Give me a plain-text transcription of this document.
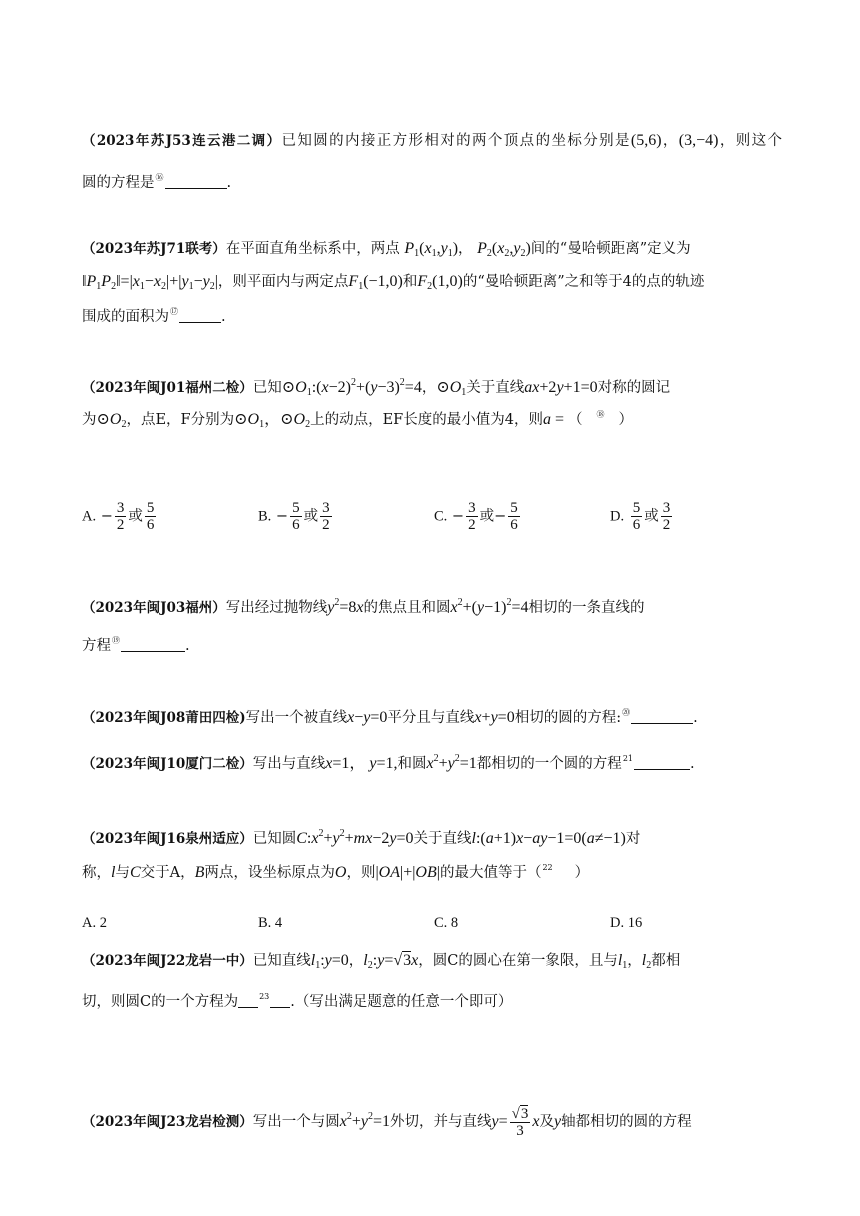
（2023年苏J53连云港二调）已知圆的内接正方形相对的两个顶点的坐标分别是(5,6)，(3,−4)，则这个
圆的方程是⑯	.
（2023年苏J71联考）在平面直角坐标系中，两点 $P_1(x_1,y_1)$， $P_2(x_2,y_2)$间的“曼哈顿距离”定义为
$‖P_1P_2‖=|x_1-x_2|+|y_1-y_2|$，则平面内与两定点$F_1(-1,0)$和$F_2(1,0)$的“曼哈顿距离”之和等于4的点的轨迹
围成的面积为⑰	.
（2023年闽J01福州二检）已知$⊙O_1:(x-2)^2+(y-3)^2=4$，$⊙O_1$关于直线ax+2y+1=0对称的圆记
为$⊙O_2$，点E，F分别为$⊙O_1$，$⊙O_2$上的动点，EF长度的最小值为4，则a = （ ⑱ ）
A. − $\frac{3}{2}$ 或 $\frac{5}{6}$	B. − $\frac{5}{6}$ 或 $\frac{3}{2}$	C. − $\frac{3}{2}$ 或− $\frac{5}{6}$	D. $\frac{5}{6}$ 或 $\frac{3}{2}$
（2023年闽J03福州）写出经过抛物线$y^2=8x$的焦点且和圆$x^2+(y-1)^2=4$相切的一条直线的
方程⑲	.
（2023年闽J08莆田四检)写出一个被直线x−y=0平分且与直线x+y=0相切的圆的方程:⑳	.
（2023年闽J10厦门二检）写出与直线x=1， y=1,和圆$x^2+y^2=1$都相切的一个圆的方程$^{21}$	.
（2023年闽J16泉州适应）已知圆$C:x^2+y^2+mx-2y=0$关于直线l:(a+1)x−ay−1=0(a≠−1)对
称，l与C交于A，B两点，设坐标原点为O，则|OA|+|OB|的最大值等于（$^{22}$ ）
A. 2	B. 4	C. 8	D. 16
（2023年闽J22龙岩一中）已知直线$l_1:y=0$，$l_2:y=√3x$，圆C的圆心在第一象限，且与$l_1$，$l_2$都相
切，则圆C的一个方程为	$^{23}$ .（写出满足题意的任意一个即可）
（2023年闽J23龙岩检测）写出一个与圆$x^2+y^2=1$外切，并与直线$y= \frac{√3}{3}$ x及y轴都相切的圆的方程
